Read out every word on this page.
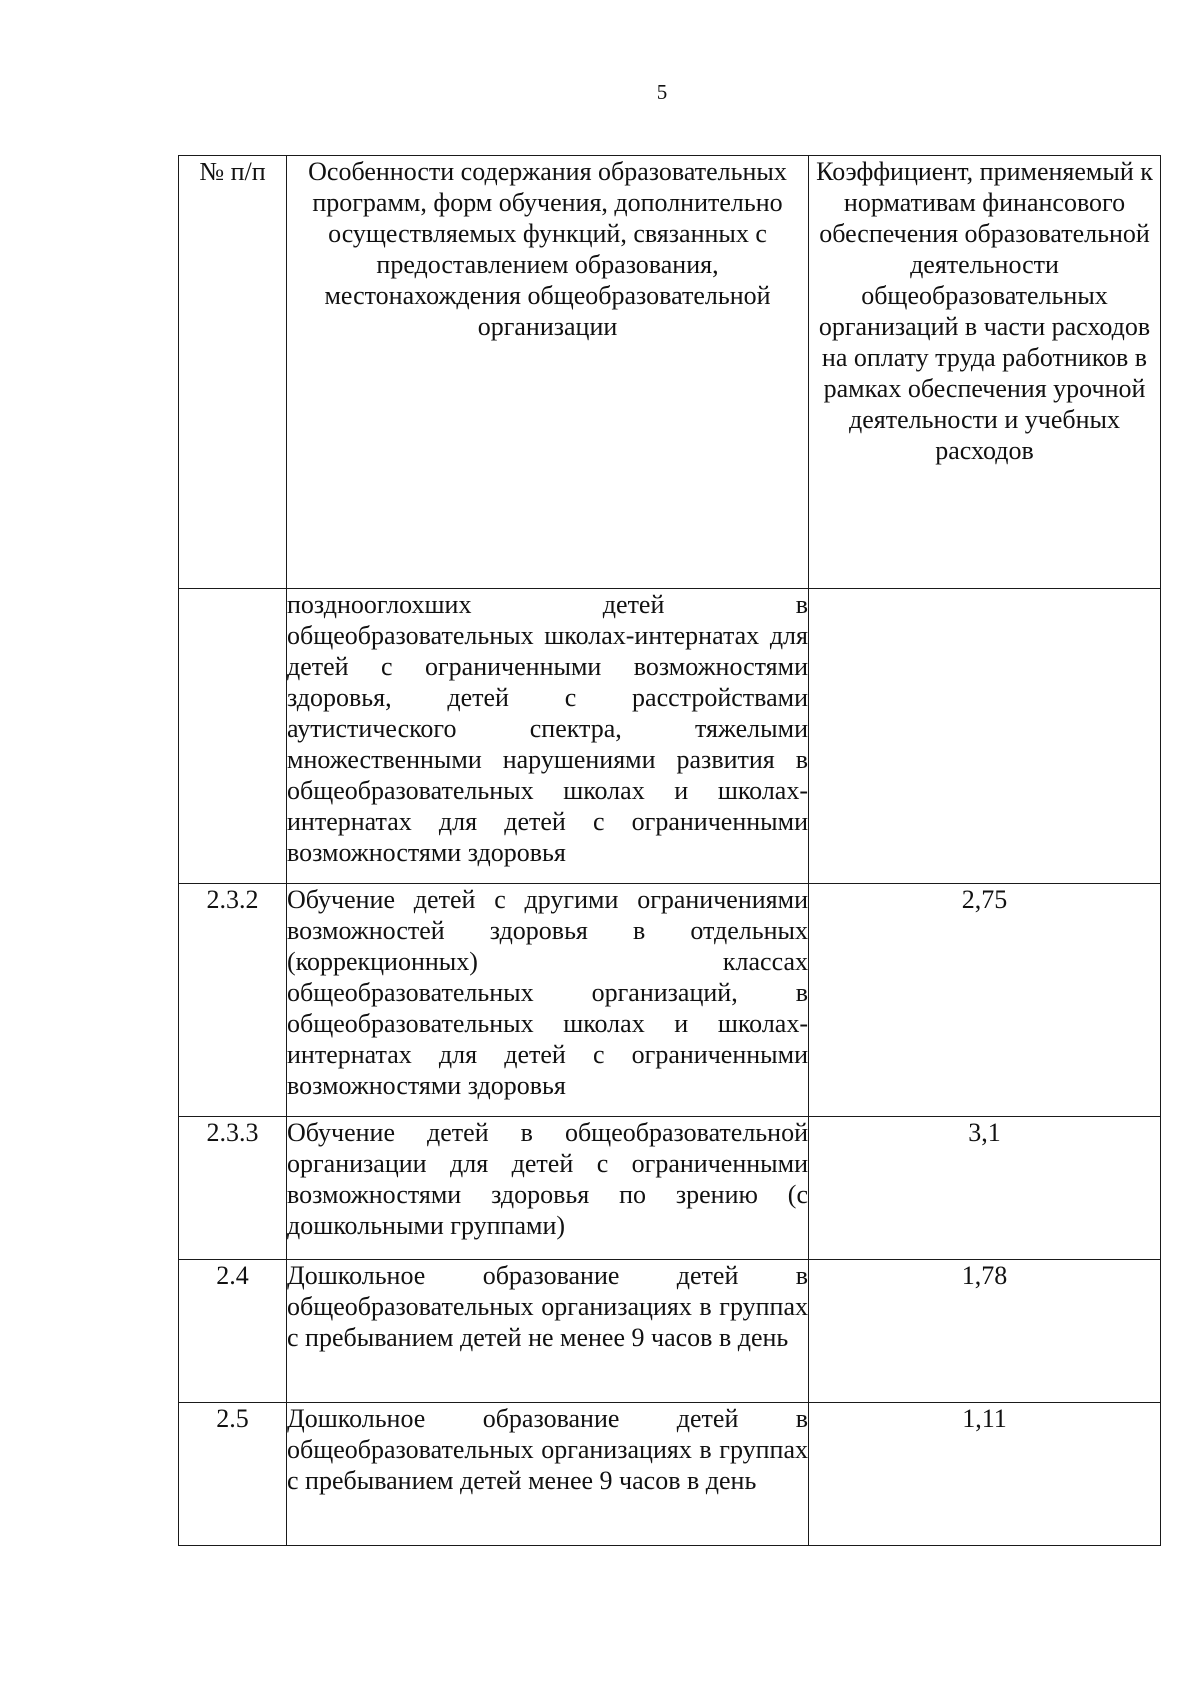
5
№ п/п	Особенности содержания образовательных программ, форм обучения, дополнительно осуществляемых функций, связанных с предоставлением образования, местонахождения общеобразовательной организации	Коэффициент, применяемый к нормативам финансового обеспечения образовательной деятельности общеобразовательных организаций в части расходов на оплату труда работников в рамках обеспечения урочной деятельности и учебных расходов
	позднооглохших детей в общеобразовательных школах-интернатах для детей с ограниченными возможностями здоровья, детей с расстройствами аутистического спектра, тяжелыми множественными нарушениями развития в общеобразовательных школах и школах-интернатах для детей с ограниченными возможностями здоровья	
2.3.2	Обучение детей с другими ограничениями возможностей здоровья в отдельных (коррекционных) классах общеобразовательных организаций, в общеобразовательных школах и школах-интернатах для детей с ограниченными возможностями здоровья	2,75
2.3.3	Обучение детей в общеобразовательной организации для детей с ограниченными возможностями здоровья по зрению (с дошкольными группами)	3,1
2.4	Дошкольное образование детей в общеобразовательных организациях в группах с пребыванием детей не менее 9 часов в день	1,78
2.5	Дошкольное образование детей в общеобразовательных организациях в группах с пребыванием детей менее 9 часов в день	1,11
